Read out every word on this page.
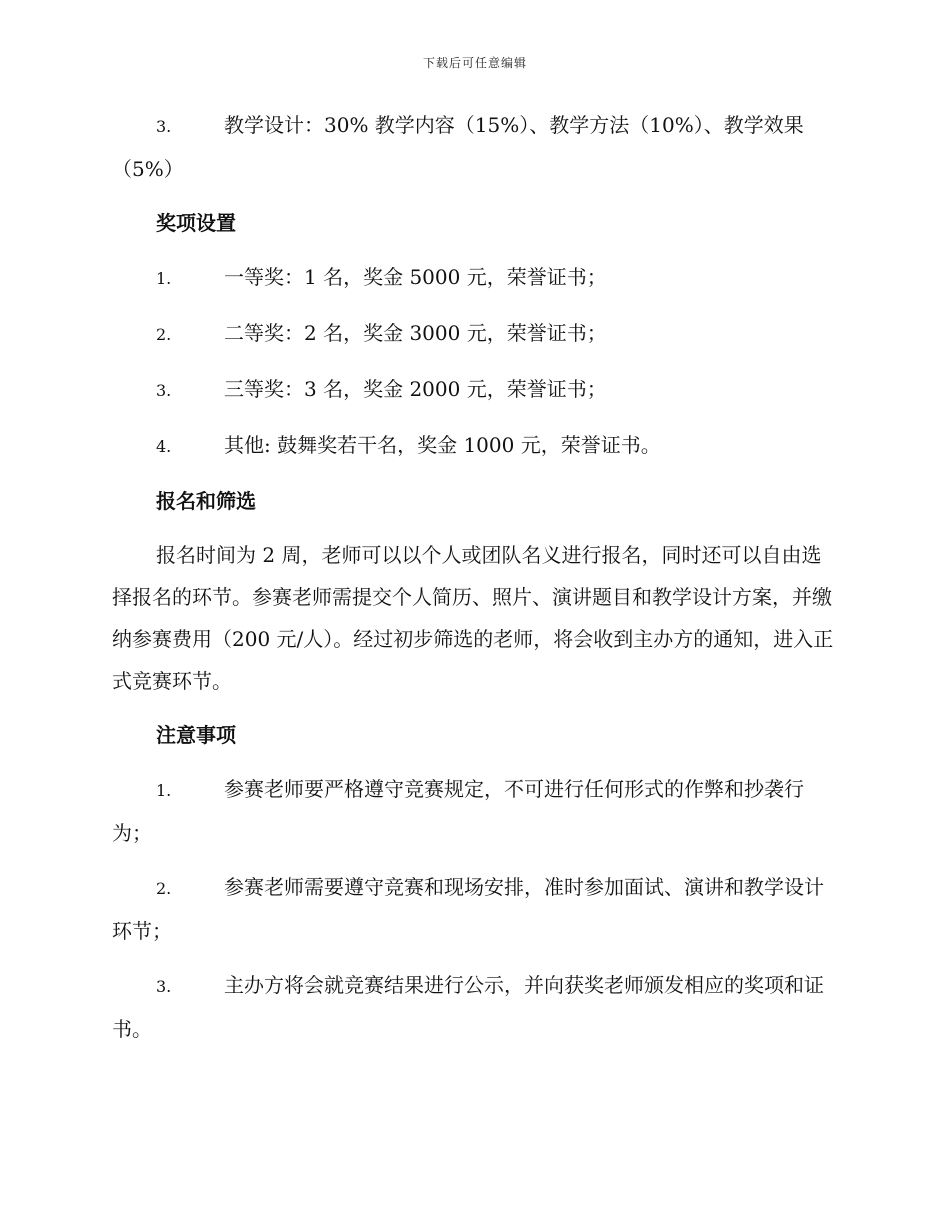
下载后可任意编辑

3.	教学设计：30% 教学内容（15%）、教学方法（10%）、教学效果（5%）

奖项设置

1.	一等奖：1 名，奖金 5000 元，荣誉证书；

2.	二等奖：2 名，奖金 3000 元，荣誉证书；

3.	三等奖：3 名，奖金 2000 元，荣誉证书；

4.	其他: 鼓舞奖若干名，奖金 1000 元，荣誉证书。

报名和筛选

报名时间为 2 周，老师可以以个人或团队名义进行报名，同时还可以自由选择报名的环节。参赛老师需提交个人简历、照片、演讲题目和教学设计方案，并缴纳参赛费用（200 元/人）。经过初步筛选的老师，将会收到主办方的通知，进入正式竞赛环节。

注意事项

1.	参赛老师要严格遵守竞赛规定，不可进行任何形式的作弊和抄袭行为；

2.	参赛老师需要遵守竞赛和现场安排，准时参加面试、演讲和教学设计环节；

3.	主办方将会就竞赛结果进行公示，并向获奖老师颁发相应的奖项和证书。
